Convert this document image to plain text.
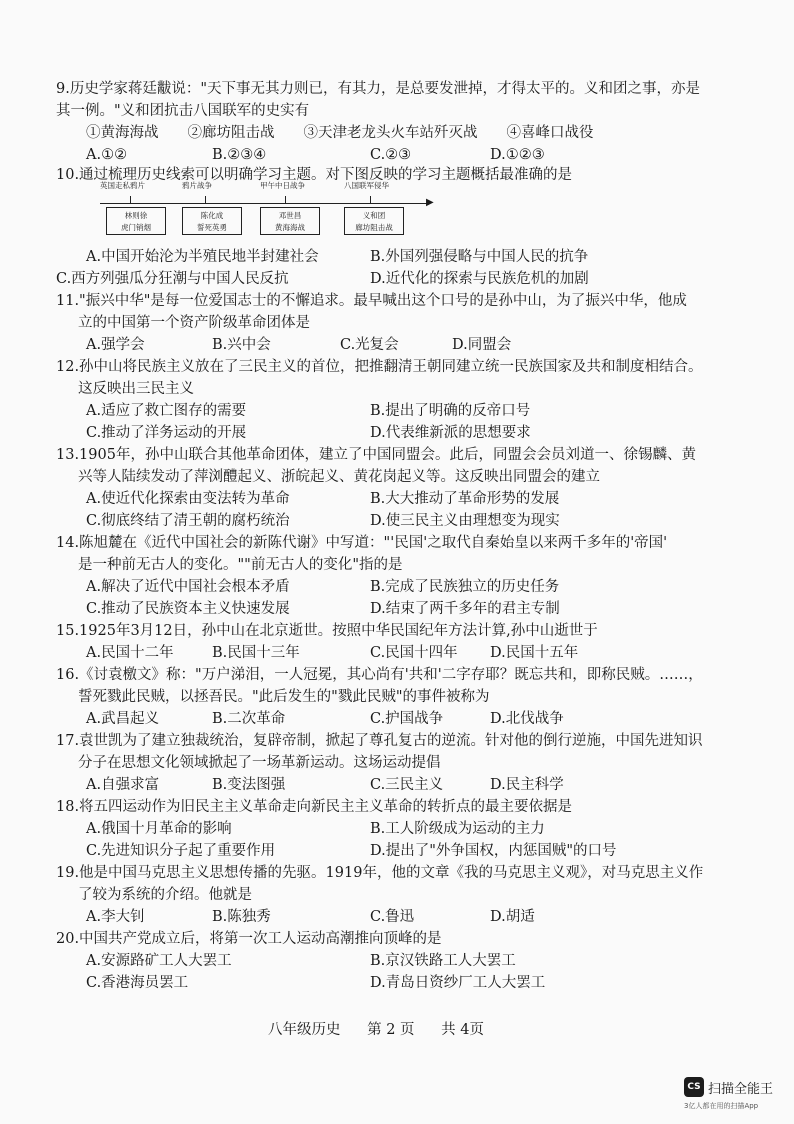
9.历史学家蒋廷黻说："天下事无其力则已，有其力，是总要发泄掉，才得太平的。义和团之事，亦是
其一例。"义和团抗击八国联军的史实有
①黄海海战　　②廊坊阻击战　　③天津老龙头火车站歼灭战　　④喜峰口战役
A.①②	B.②③④	C.②③	D.①②③
10.通过梳理历史线索可以明确学习主题。对下图反映的学习主题概括最准确的是
▶
英国走私鸦片	鸦片战争	甲午中日战争	八国联军侵华
林则徐
虎门销烟
陈化成
誓死英勇
邓世昌
黄海海战
义和团
廊坊阻击战
A.中国开始沦为半殖民地半封建社会	B.外国列强侵略与中国人民的抗争
C.西方列强瓜分狂潮与中国人民反抗	D.近代化的探索与民族危机的加剧
11."振兴中华"是每一位爱国志士的不懈追求。最早喊出这个口号的是孙中山，为了振兴中华，他成
立的中国第一个资产阶级革命团体是
A.强学会	B.兴中会	C.光复会	D.同盟会
12.孙中山将民族主义放在了三民主义的首位，把推翻清王朝同建立统一民族国家及共和制度相结合。
这反映出三民主义
A.适应了救亡图存的需要	B.提出了明确的反帝口号
C.推动了洋务运动的开展	D.代表维新派的思想要求
13.1905年，孙中山联合其他革命团体，建立了中国同盟会。此后，同盟会会员刘道一、徐锡麟、黄
兴等人陆续发动了萍浏醴起义、浙皖起义、黄花岗起义等。这反映出同盟会的建立
A.使近代化探索由变法转为革命	B.大大推动了革命形势的发展
C.彻底终结了清王朝的腐朽统治	D.使三民主义由理想变为现实
14.陈旭麓在《近代中国社会的新陈代谢》中写道："'民国'之取代自秦始皇以来两千多年的'帝国'
是一种前无古人的变化。""前无古人的变化"指的是
A.解决了近代中国社会根本矛盾	B.完成了民族独立的历史任务
C.推动了民族资本主义快速发展	D.结束了两千多年的君主专制
15.1925年3月12日，孙中山在北京逝世。按照中华民国纪年方法计算,孙中山逝世于
A.民国十二年	B.民国十三年	C.民国十四年 D.民国十五年
16.《讨袁檄文》称："万户涕泪，一人冠冕，其心尚有'共和'二字存耶？既忘共和，即称民贼。……，
誓死戮此民贼，以拯吾民。"此后发生的"戮此民贼"的事件被称为
A.武昌起义	B.二次革命	C.护国战争	D.北伐战争
17.袁世凯为了建立独裁统治，复辟帝制，掀起了尊孔复古的逆流。针对他的倒行逆施，中国先进知识
分子在思想文化领域掀起了一场革新运动。这场运动提倡
A.自强求富	B.变法图强	C.三民主义	D.民主科学
18.将五四运动作为旧民主主义革命走向新民主主义革命的转折点的最主要依据是
A.俄国十月革命的影响	B.工人阶级成为运动的主力
C.先进知识分子起了重要作用	D.提出了"外争国权，内惩国贼"的口号
19.他是中国马克思主义思想传播的先驱。1919年，他的文章《我的马克思主义观》，对马克思主义作
了较为系统的介绍。他就是
A.李大钊	B.陈独秀	C.鲁迅	D.胡适
20.中国共产党成立后，将第一次工人运动高潮推向顶峰的是
A.安源路矿工人大罢工	B.京汉铁路工人大罢工
C.香港海员罢工	D.青岛日资纱厂工人大罢工
八年级历史 第 2 页 共 4页
CS 扫描全能王
3亿人都在用的扫描App
